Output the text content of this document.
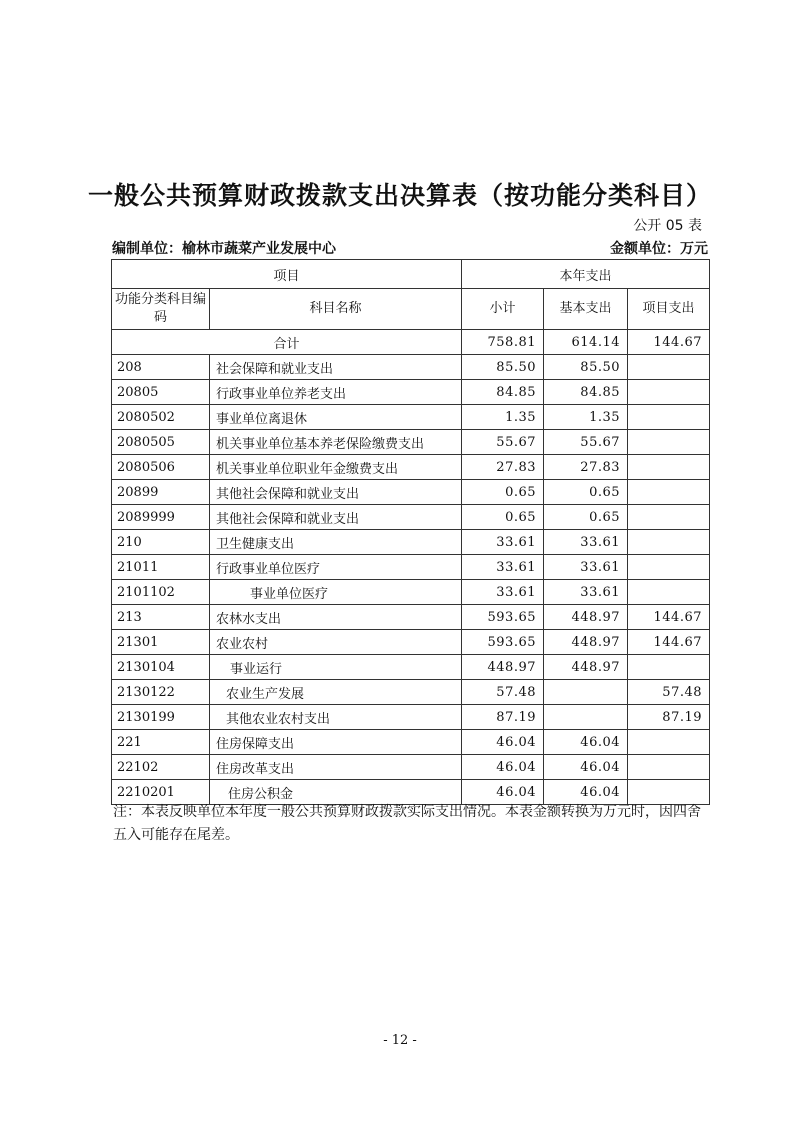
一般公共预算财政拨款支出决算表（按功能分类科目）
公开 05 表
编制单位：榆林市蔬菜产业发展中心	金额单位：万元
项目		本年支出		
功能分类科目编码	科目名称	小计	基本支出	项目支出
合计		758.81	614.14	144.67
208	社会保障和就业支出	85.50	85.50	
20805	行政事业单位养老支出	84.85	84.85	
2080502	事业单位离退休	1.35	1.35	
2080505	机关事业单位基本养老保险缴费支出	55.67	55.67	
2080506	机关事业单位职业年金缴费支出	27.83	27.83	
20899	其他社会保障和就业支出	0.65	0.65	
2089999	其他社会保障和就业支出	0.65	0.65	
210	卫生健康支出	33.61	33.61	
21011	行政事业单位医疗	33.61	33.61	
2101102	事业单位医疗	33.61	33.61	
213	农林水支出	593.65	448.97	144.67
21301	农业农村	593.65	448.97	144.67
2130104	事业运行	448.97	448.97	
2130122	农业生产发展	57.48		57.48
2130199	其他农业农村支出	87.19		87.19
221	住房保障支出	46.04	46.04	
22102	住房改革支出	46.04	46.04	
2210201	住房公积金	46.04	46.04	
注：本表反映单位本年度一般公共预算财政拨款实际支出情况。本表金额转换为万元时，因四舍五入可能存在尾差。
- 12 -
